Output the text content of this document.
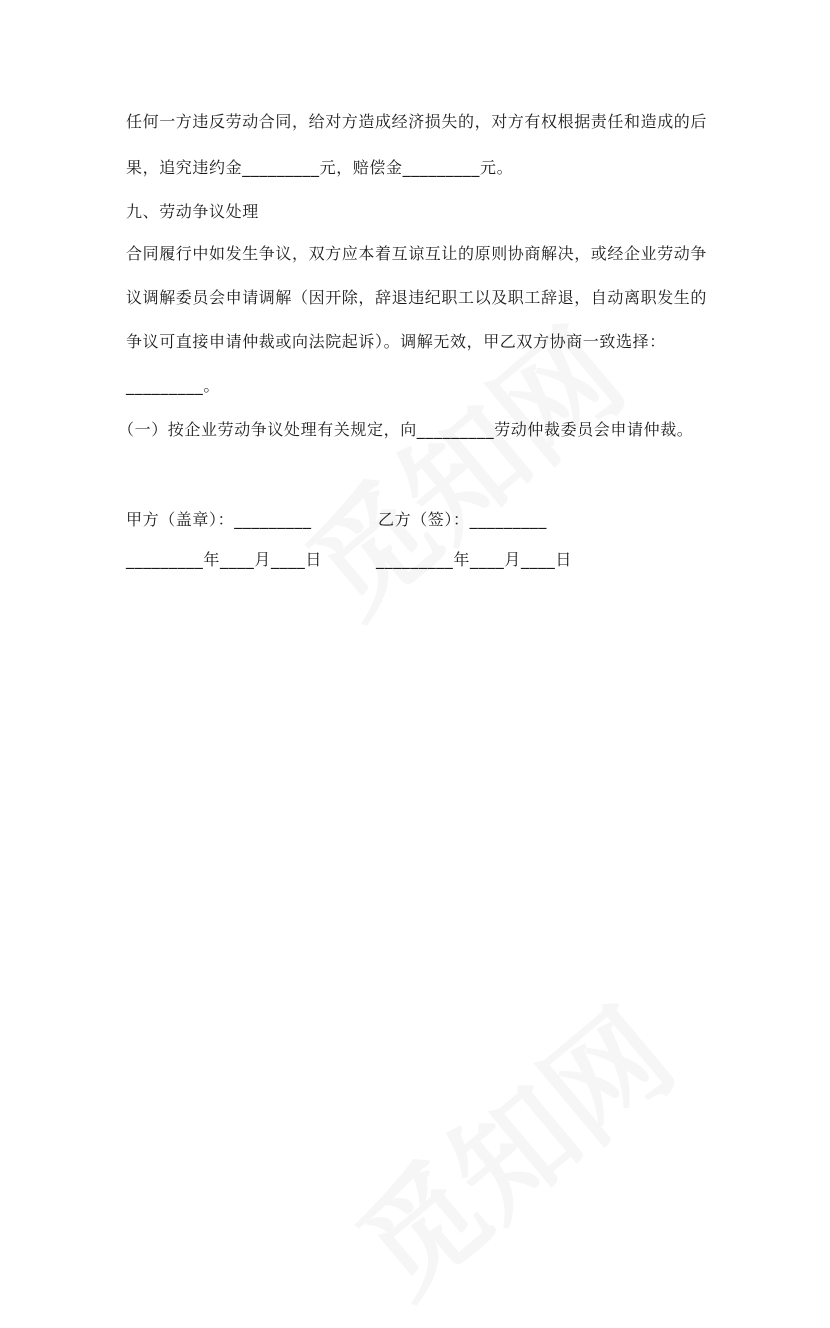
任何一方违反劳动合同，给对方造成经济损失的，对方有权根据责任和造成的后
果，追究违约金_________元，赔偿金_________元。
九、劳动争议处理
合同履行中如发生争议，双方应本着互谅互让的原则协商解决，或经企业劳动争
议调解委员会申请调解（因开除，辞退违纪职工以及职工辞退，自动离职发生的
争议可直接申请仲裁或向法院起诉）。调解无效，甲乙双方协商一致选择：
_________。
（一）按企业劳动争议处理有关规定，向_________劳动仲裁委员会申请仲裁。
甲方（盖章）：_________	乙方（签）：_________
_________年____月____日	_________年____月____日
